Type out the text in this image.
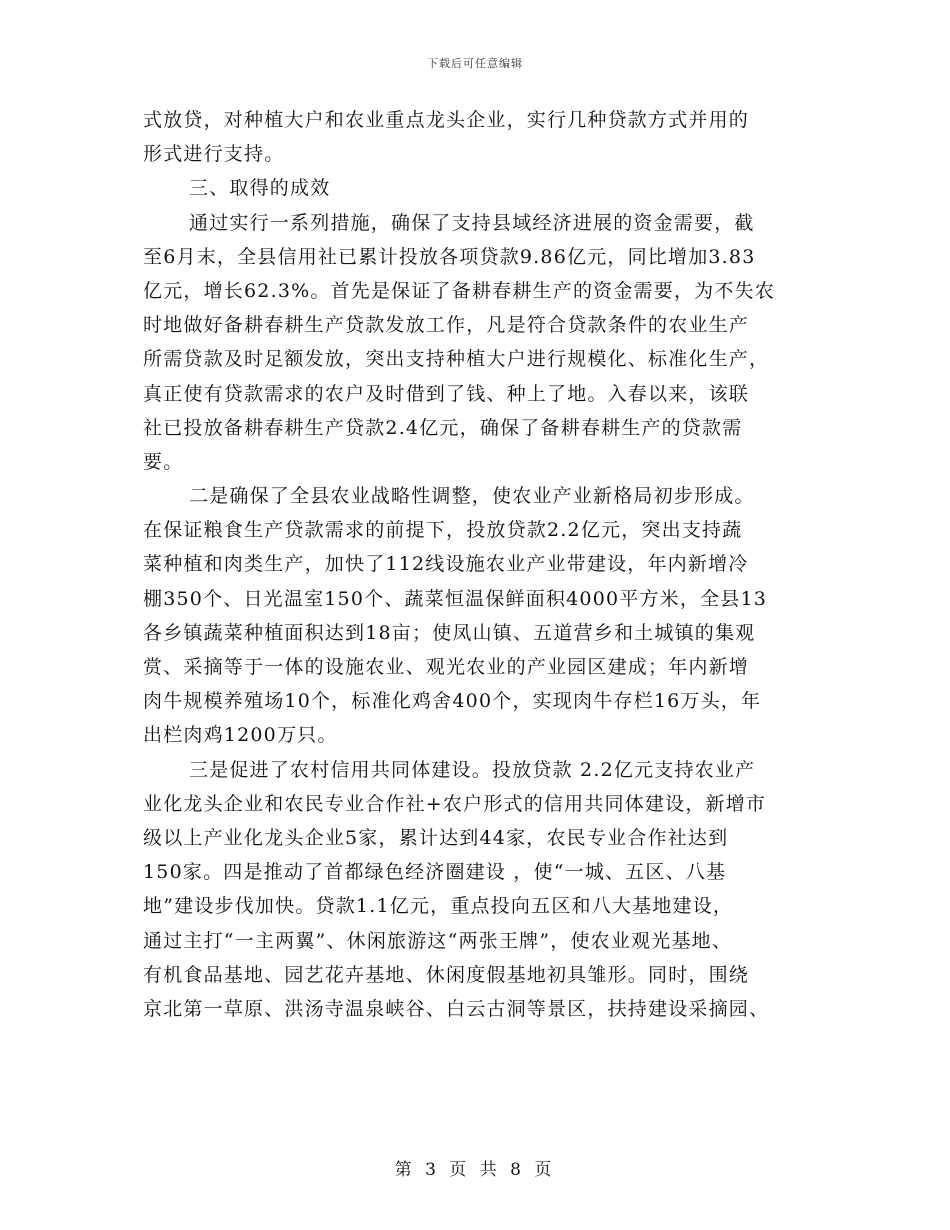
下载后可任意编辑
式放贷，对种植大户和农业重点龙头企业，实行几种贷款方式并用的
形式进行支持。
三、取得的成效
通过实行一系列措施，确保了支持县域经济进展的资金需要，截
至6月末，全县信用社已累计投放各项贷款9.86亿元，同比增加3.83
亿元，增长62.3%。首先是保证了备耕春耕生产的资金需要，为不失农
时地做好备耕春耕生产贷款发放工作，凡是符合贷款条件的农业生产
所需贷款及时足额发放，突出支持种植大户进行规模化、标准化生产，
真正使有贷款需求的农户及时借到了钱、种上了地。入春以来，该联
社已投放备耕春耕生产贷款2.4亿元，确保了备耕春耕生产的贷款需
要。
二是确保了全县农业战略性调整，使农业产业新格局初步形成。
在保证粮食生产贷款需求的前提下，投放贷款2.2亿元，突出支持蔬
菜种植和肉类生产，加快了112线设施农业产业带建设，年内新增冷
棚350个、日光温室150个、蔬菜恒温保鲜面积4000平方米，全县13
各乡镇蔬菜种植面积达到18亩；使凤山镇、五道营乡和土城镇的集观
赏、采摘等于一体的设施农业、观光农业的产业园区建成；年内新增
肉牛规模养殖场10个，标准化鸡舍400个，实现肉牛存栏16万头，年
出栏肉鸡1200万只。
三是促进了农村信用共同体建设。投放贷款 2.2亿元支持农业产
业化龙头企业和农民专业合作社+农户形式的信用共同体建设，新增市
级以上产业化龙头企业5家，累计达到44家，农民专业合作社达到
150家。四是推动了首都绿色经济圈建设 ，使“一城、五区、八基
地”建设步伐加快。贷款1.1亿元，重点投向五区和八大基地建设，
通过主打“一主两翼”、休闲旅游这“两张王牌”，使农业观光基地、
有机食品基地、园艺花卉基地、休闲度假基地初具雏形。同时，围绕
京北第一草原、洪汤寺温泉峡谷、白云古洞等景区，扶持建设采摘园、
第 3 页 共 8 页
